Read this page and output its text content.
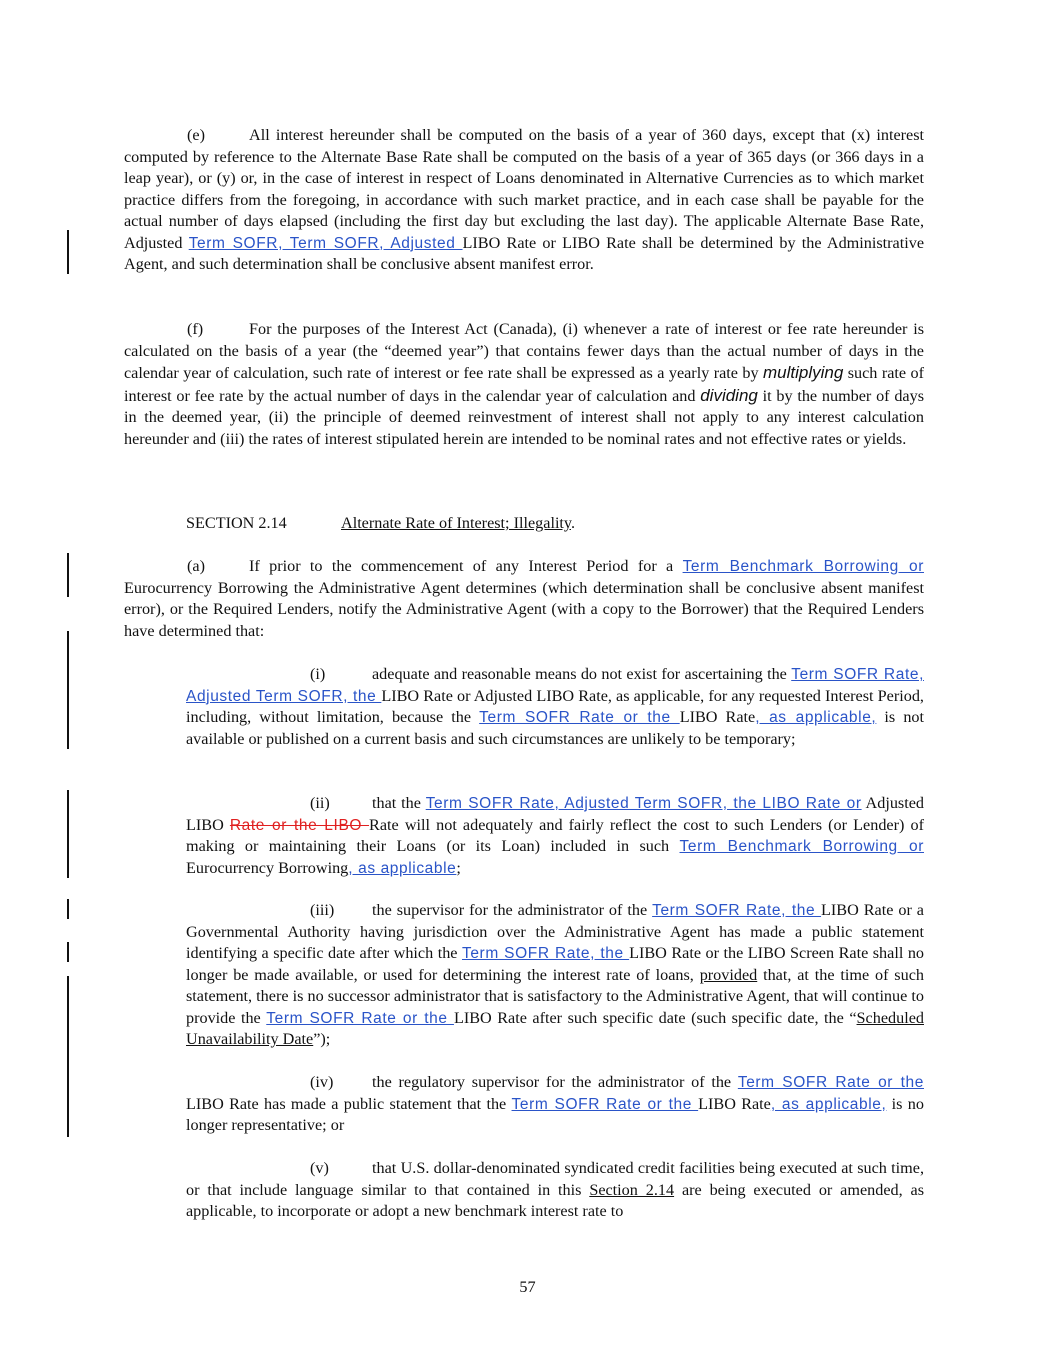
(e)	All interest hereunder shall be computed on the basis of a year of 360 days, except that (x) interest computed by reference to the Alternate Base Rate shall be computed on the basis of a year of 365 days (or 366 days in a leap year), or (y) or, in the case of interest in respect of Loans denominated in Alternative Currencies as to which market practice differs from the foregoing, in accordance with such market practice, and in each case shall be payable for the actual number of days elapsed (including the first day but excluding the last day). The applicable Alternate Base Rate, Adjusted Term SOFR, Term SOFR, Adjusted LIBO Rate or LIBO Rate shall be determined by the Administrative Agent, and such determination shall be conclusive absent manifest error.
(f)	For the purposes of the Interest Act (Canada), (i) whenever a rate of interest or fee rate hereunder is calculated on the basis of a year (the “deemed year”) that contains fewer days than the actual number of days in the calendar year of calculation, such rate of interest or fee rate shall be expressed as a yearly rate by multiplying such rate of interest or fee rate by the actual number of days in the calendar year of calculation and dividing it by the number of days in the deemed year, (ii) the principle of deemed reinvestment of interest shall not apply to any interest calculation hereunder and (iii) the rates of interest stipulated herein are intended to be nominal rates and not effective rates or yields.
SECTION 2.14	Alternate Rate of Interest; Illegality.
(a)	If prior to the commencement of any Interest Period for a Term Benchmark Borrowing or Eurocurrency Borrowing the Administrative Agent determines (which determination shall be conclusive absent manifest error), or the Required Lenders, notify the Administrative Agent (with a copy to the Borrower) that the Required Lenders have determined that:
(i)	adequate and reasonable means do not exist for ascertaining the Term SOFR Rate, Adjusted Term SOFR, the LIBO Rate or Adjusted LIBO Rate, as applicable, for any requested Interest Period, including, without limitation, because the Term SOFR Rate or the LIBO Rate, as applicable, is not available or published on a current basis and such circumstances are unlikely to be temporary;
(ii)	that the Term SOFR Rate, Adjusted Term SOFR, the LIBO Rate or Adjusted LIBO Rate or the LIBO Rate will not adequately and fairly reflect the cost to such Lenders (or Lender) of making or maintaining their Loans (or its Loan) included in such Term Benchmark Borrowing or Eurocurrency Borrowing, as applicable;
(iii) the supervisor for the administrator of the Term SOFR Rate, the LIBO Rate or a Governmental Authority having jurisdiction over the Administrative Agent has made a public statement identifying a specific date after which the Term SOFR Rate, the LIBO Rate or the LIBO Screen Rate shall no longer be made available, or used for determining the interest rate of loans, provided that, at the time of such statement, there is no successor administrator that is satisfactory to the Administrative Agent, that will continue to provide the Term SOFR Rate or the LIBO Rate after such specific date (such specific date, the “Scheduled Unavailability Date”);
(iv) the regulatory supervisor for the administrator of the Term SOFR Rate or the LIBO Rate has made a public statement that the Term SOFR Rate or the LIBO Rate, as applicable, is no longer representative; or
(v)	that U.S. dollar-denominated syndicated credit facilities being executed at such time, or that include language similar to that contained in this Section 2.14 are being executed or amended, as applicable, to incorporate or adopt a new benchmark interest rate to
57
